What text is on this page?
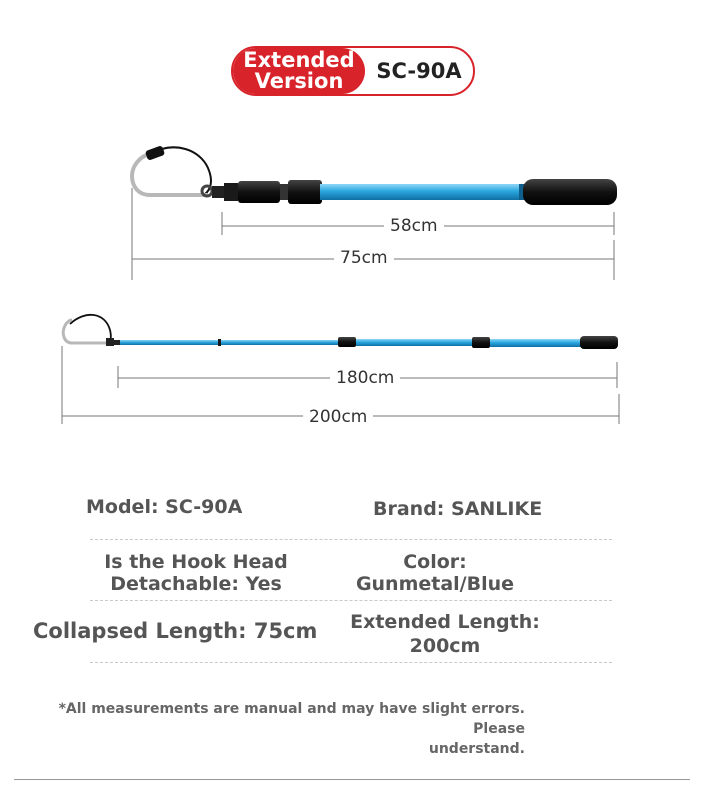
Extended Version	SC-90A
58cm
75cm
180cm
200cm
Model: SC-90A	Brand: SANLIKE
Is the Hook Head
Detachable: Yes
Color:
Gunmetal/Blue
Collapsed Length: 75cm Extended Length:
200cm
*All measurements are manual and may have slight errors. Please
understand.
